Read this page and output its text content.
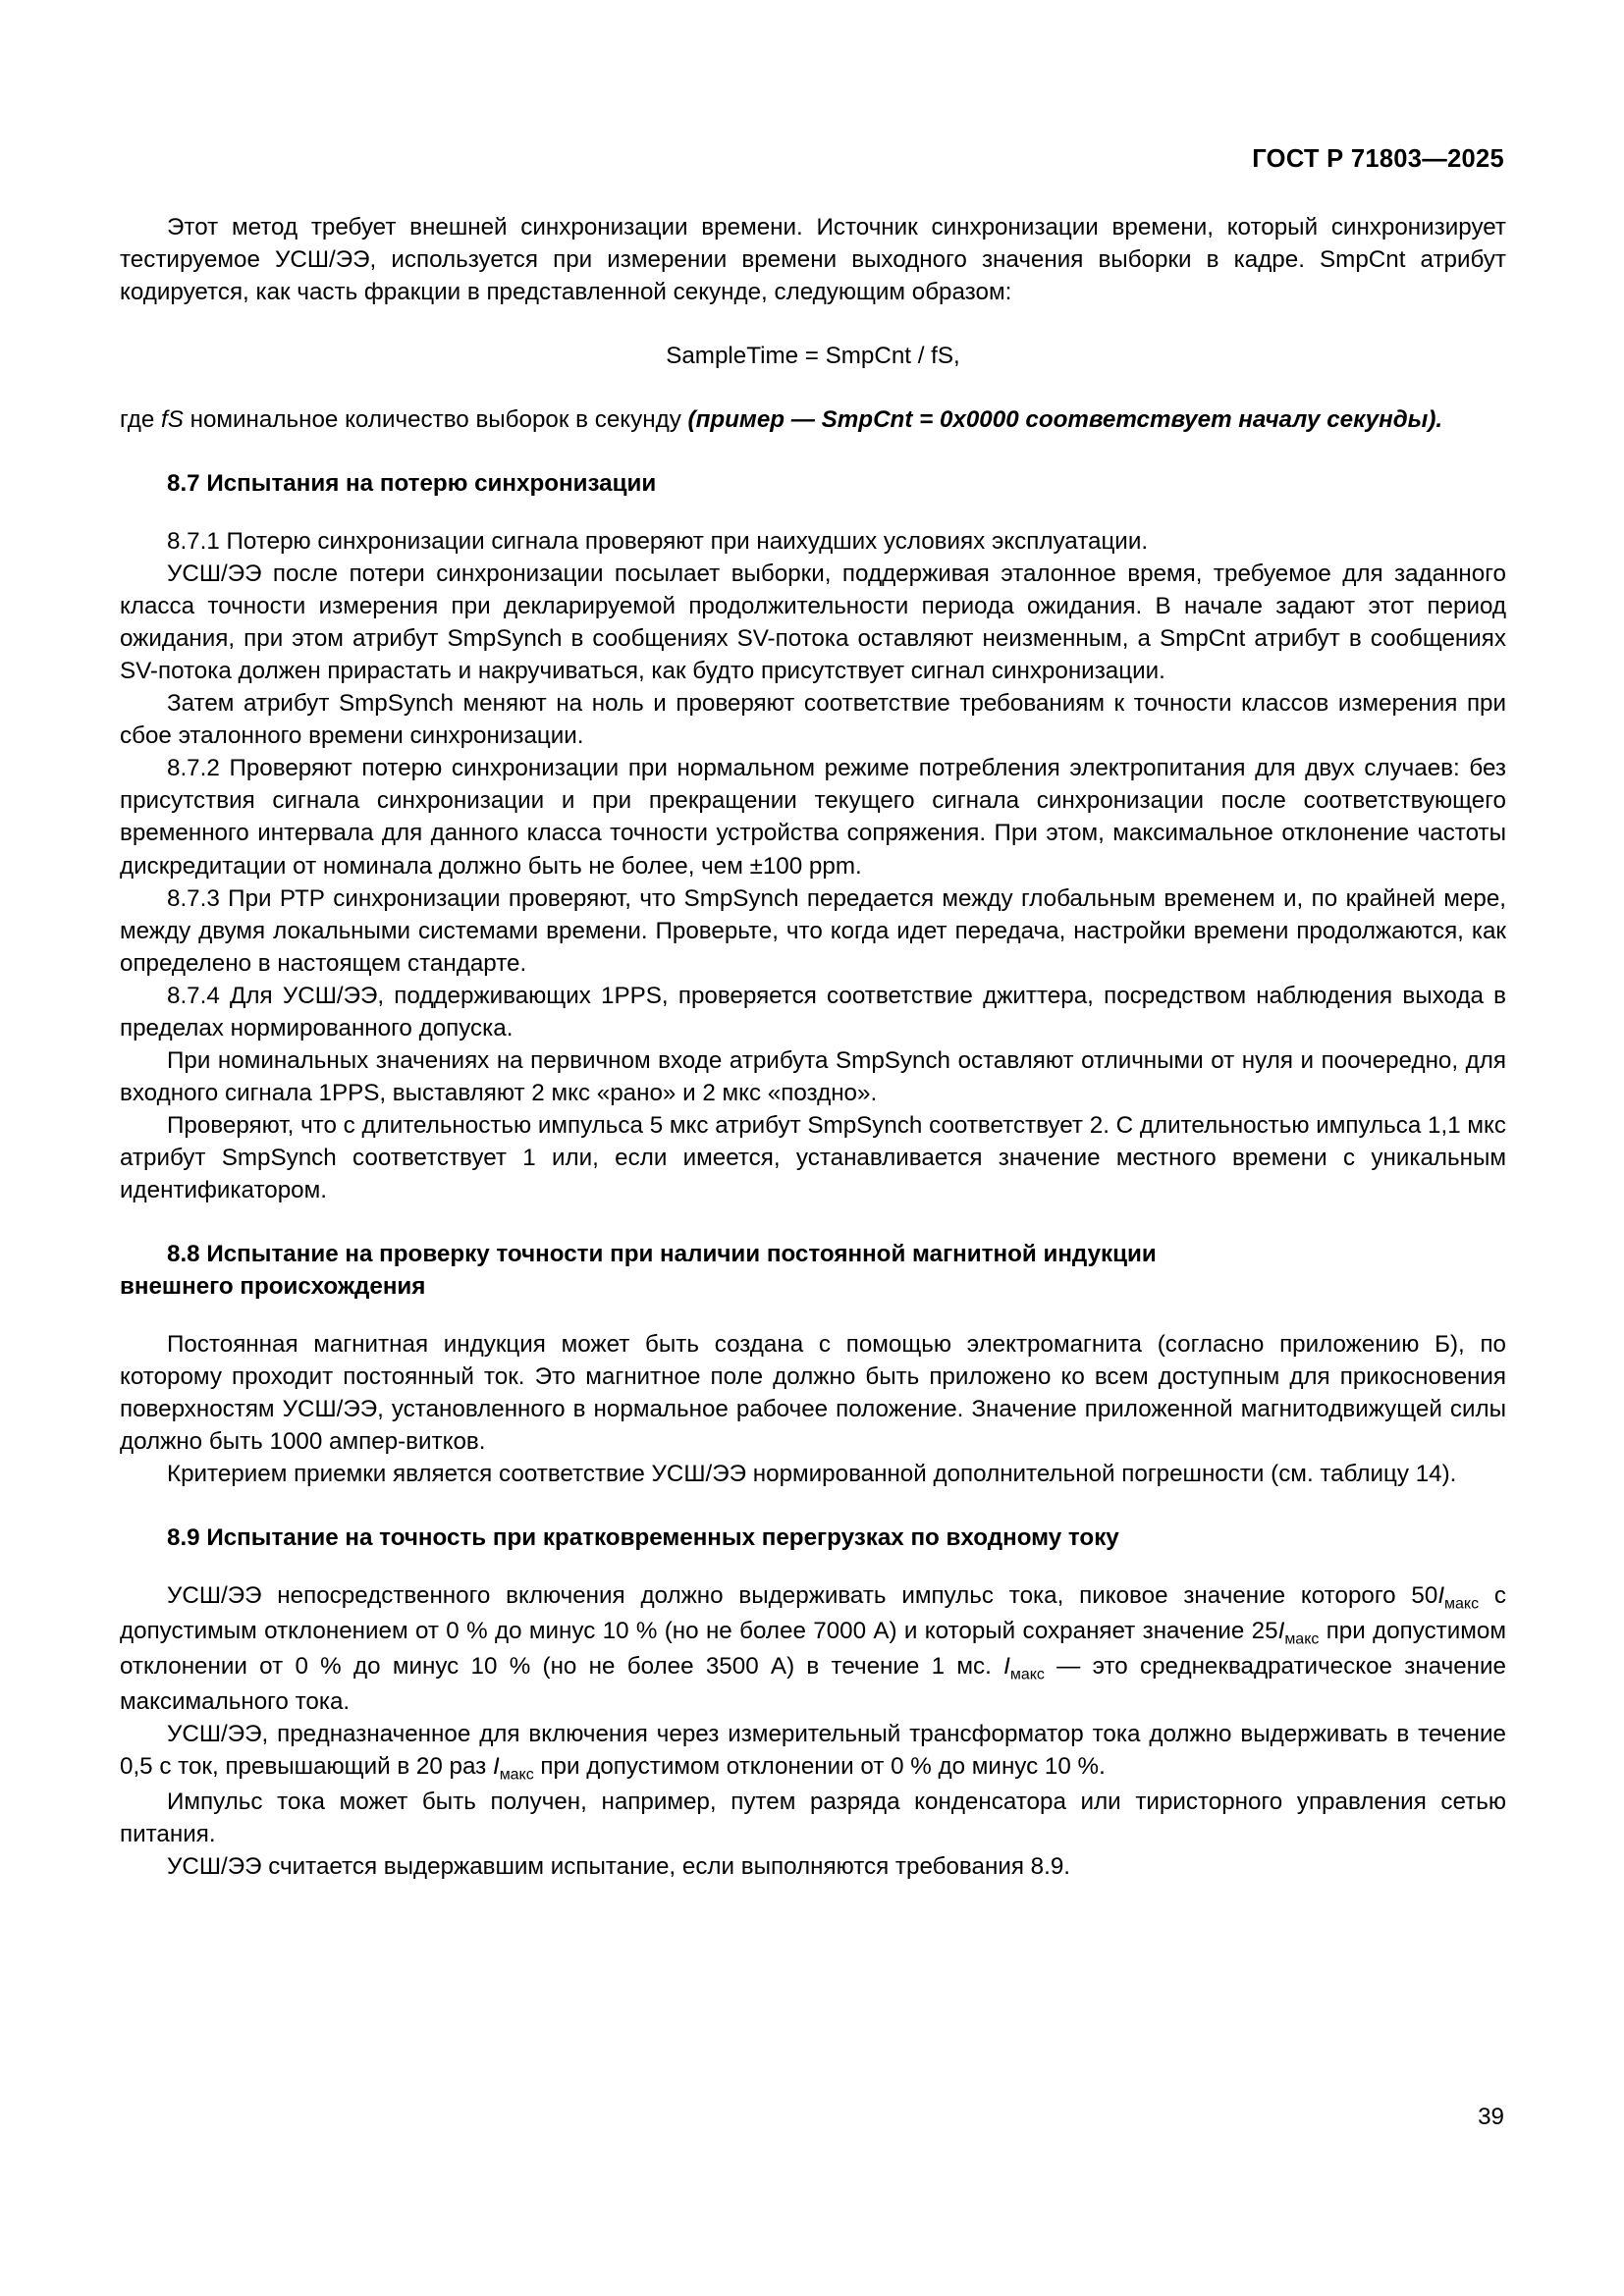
ГОСТ Р 71803—2025

Этот метод требует внешней синхронизации времени. Источник синхронизации времени, который синхронизирует тестируемое УСШ/ЭЭ, используется при измерении времени выходного значения выборки в кадре. SmpCnt атрибут кодируется, как часть фракции в представленной секунде, следующим образом:

SampleTime = SmpCnt / fS,

где fS номинальное количество выборок в секунду (пример — SmpCnt = 0x0000 соответствует началу секунды).

8.7 Испытания на потерю синхронизации

8.7.1 Потерю синхронизации сигнала проверяют при наихудших условиях эксплуатации.

УСШ/ЭЭ после потери синхронизации посылает выборки, поддерживая эталонное время, требуемое для заданного класса точности измерения при декларируемой продолжительности периода ожидания. В начале задают этот период ожидания, при этом атрибут SmpSynch в сообщениях SV-потока оставляют неизменным, а SmpCnt атрибут в сообщениях SV-потока должен прирастать и накручиваться, как будто присутствует сигнал синхронизации.

Затем атрибут SmpSynch меняют на ноль и проверяют соответствие требованиям к точности классов измерения при сбое эталонного времени синхронизации.

8.7.2 Проверяют потерю синхронизации при нормальном режиме потребления электропитания для двух случаев: без присутствия сигнала синхронизации и при прекращении текущего сигнала синхронизации после соответствующего временного интервала для данного класса точности устройства сопряжения. При этом, максимальное отклонение частоты дискредитации от номинала должно быть не более, чем ±100 ppm.

8.7.3 При РТР синхронизации проверяют, что SmpSynch передается между глобальным временем и, по крайней мере, между двумя локальными системами времени. Проверьте, что когда идет передача, настройки времени продолжаются, как определено в настоящем стандарте.

8.7.4 Для УСШ/ЭЭ, поддерживающих 1PPS, проверяется соответствие джиттера, посредством наблюдения выхода в пределах нормированного допуска.

При номинальных значениях на первичном входе атрибута SmpSynch оставляют отличными от нуля и поочередно, для входного сигнала 1PPS, выставляют 2 мкс «рано» и 2 мкс «поздно».

Проверяют, что с длительностью импульса 5 мкс атрибут SmpSynch соответствует 2. С длительностью импульса 1,1 мкс атрибут SmpSynch соответствует 1 или, если имеется, устанавливается значение местного времени с уникальным идентификатором.

8.8 Испытание на проверку точности при наличии постоянной магнитной индукции

внешнего происхождения

Постоянная магнитная индукция может быть создана с помощью электромагнита (согласно приложению Б), по которому проходит постоянный ток. Это магнитное поле должно быть приложено ко всем доступным для прикосновения поверхностям УСШ/ЭЭ, установленного в нормальное рабочее положение. Значение приложенной магнитодвижущей силы должно быть 1000 ампер-витков.

Критерием приемки является соответствие УСШ/ЭЭ нормированной дополнительной погрешности (см. таблицу 14).

8.9 Испытание на точность при кратковременных перегрузках по входному току

УСШ/ЭЭ непосредственного включения должно выдерживать импульс тока, пиковое значение которого $50I_{макс}$ с допустимым отклонением от 0 % до минус 10 % (но не более 7000 А) и который сохраняет значение $25I_{макс}$ при допустимом отклонении от 0 % до минус 10 % (но не более 3500 А) в течение 1 мс. $I_{макс}$ — это среднеквадратическое значение максимального тока.

УСШ/ЭЭ, предназначенное для включения через измерительный трансформатор тока должно выдерживать в течение 0,5 с ток, превышающий в 20 раз $I_{макс}$ при допустимом отклонении от 0 % до минус 10 %.

Импульс тока может быть получен, например, путем разряда конденсатора или тиристорного управления сетью питания.

УСШ/ЭЭ считается выдержавшим испытание, если выполняются требования 8.9.

39
